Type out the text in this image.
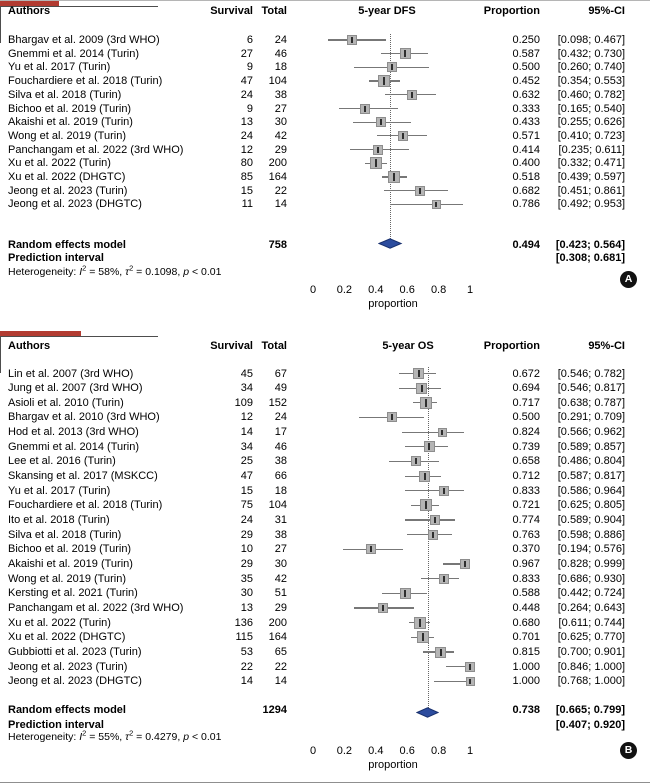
Authors	Survival Total	5-year DFS	Proportion	95%-CI
Random effects model	758	0.494	[0.423; 0.564]
Prediction interval	[0.308; 0.681]
Heterogeneity: $I^2 = 58\%$, $\tau^2 = 0.1098$, p < 0.01
proportion
A
Bhargav et al. 2009 (3rd WHO)	6	24	0.250	[0.098; 0.467]
Gnemmi et al. 2014 (Turin)	27	46	0.587	[0.432; 0.730]
Yu et al. 2017 (Turin)	9	18	0.500	[0.260; 0.740]
Fouchardiere et al. 2018 (Turin)	47	104	0.452	[0.354; 0.553]
Silva et al. 2018 (Turin)	24	38	0.632	[0.460; 0.782]
Bichoo et al. 2019 (Turin)	9	27	0.333	[0.165; 0.540]
Akaishi et al. 2019 (Turin)	13	30	0.433	[0.255; 0.626]
Wong et al. 2019 (Turin)	24	42	0.571	[0.410; 0.723]
Panchangam et al. 2022 (3rd WHO)	12	29	0.414	[0.235; 0.611]
Xu et al. 2022 (Turin)	80	200	0.400	[0.332; 0.471]
Xu et al. 2022 (DHGTC)	85	164	0.518	[0.439; 0.597]
Jeong et al. 2023 (Turin)	15	22	0.682	[0.451; 0.861]
Jeong et al. 2023 (DHGTC)	11	14	0.786	[0.492; 0.953]
0	0.2	0.4	0.6	0.8	1
Authors	Survival Total	5-year OS	Proportion	95%-CI
Random effects model	1294	0.738	[0.665; 0.799]
Prediction interval	[0.407; 0.920]
Heterogeneity: $I^2 = 55\%$, $\tau^2 = 0.4279$, p < 0.01
proportion
B
Lin et al. 2007 (3rd WHO)	45	67	0.672	[0.546; 0.782]
Jung et al. 2007 (3rd WHO)	34	49	0.694	[0.546; 0.817]
Asioli et al. 2010 (Turin)	109	152	0.717	[0.638; 0.787]
Bhargav et al. 2010 (3rd WHO)	12	24	0.500	[0.291; 0.709]
Hod et al. 2013 (3rd WHO)	14	17	0.824	[0.566; 0.962]
Gnemmi et al. 2014 (Turin)	34	46	0.739	[0.589; 0.857]
Lee et al. 2016 (Turin)	25	38	0.658	[0.486; 0.804]
Skansing et al. 2017 (MSKCC)	47	66	0.712	[0.587; 0.817]
Yu et al. 2017 (Turin)	15	18	0.833	[0.586; 0.964]
Fouchardiere et al. 2018 (Turin)	75	104	0.721	[0.625; 0.805]
Ito et al. 2018 (Turin)	24	31	0.774	[0.589; 0.904]
Silva et al. 2018 (Turin)	29	38	0.763	[0.598; 0.886]
Bichoo et al. 2019 (Turin)	10	27	0.370	[0.194; 0.576]
Akaishi et al. 2019 (Turin)	29	30	0.967	[0.828; 0.999]
Wong et al. 2019 (Turin)	35	42	0.833	[0.686; 0.930]
Kersting et al. 2021 (Turin)	30	51	0.588	[0.442; 0.724]
Panchangam et al. 2022 (3rd WHO)	13	29	0.448	[0.264; 0.643]
Xu et al. 2022 (Turin)	136	200	0.680	[0.611; 0.744]
Xu et al. 2022 (DHGTC)	115	164	0.701	[0.625; 0.770]
Gubbiotti et al. 2023 (Turin)	53	65	0.815	[0.700; 0.901]
Jeong et al. 2023 (Turin)	22	22	1.000	[0.846; 1.000]
Jeong et al. 2023 (DHGTC)	14	14	1.000	[0.768; 1.000]
0	0.2	0.4	0.6	0.8	1
